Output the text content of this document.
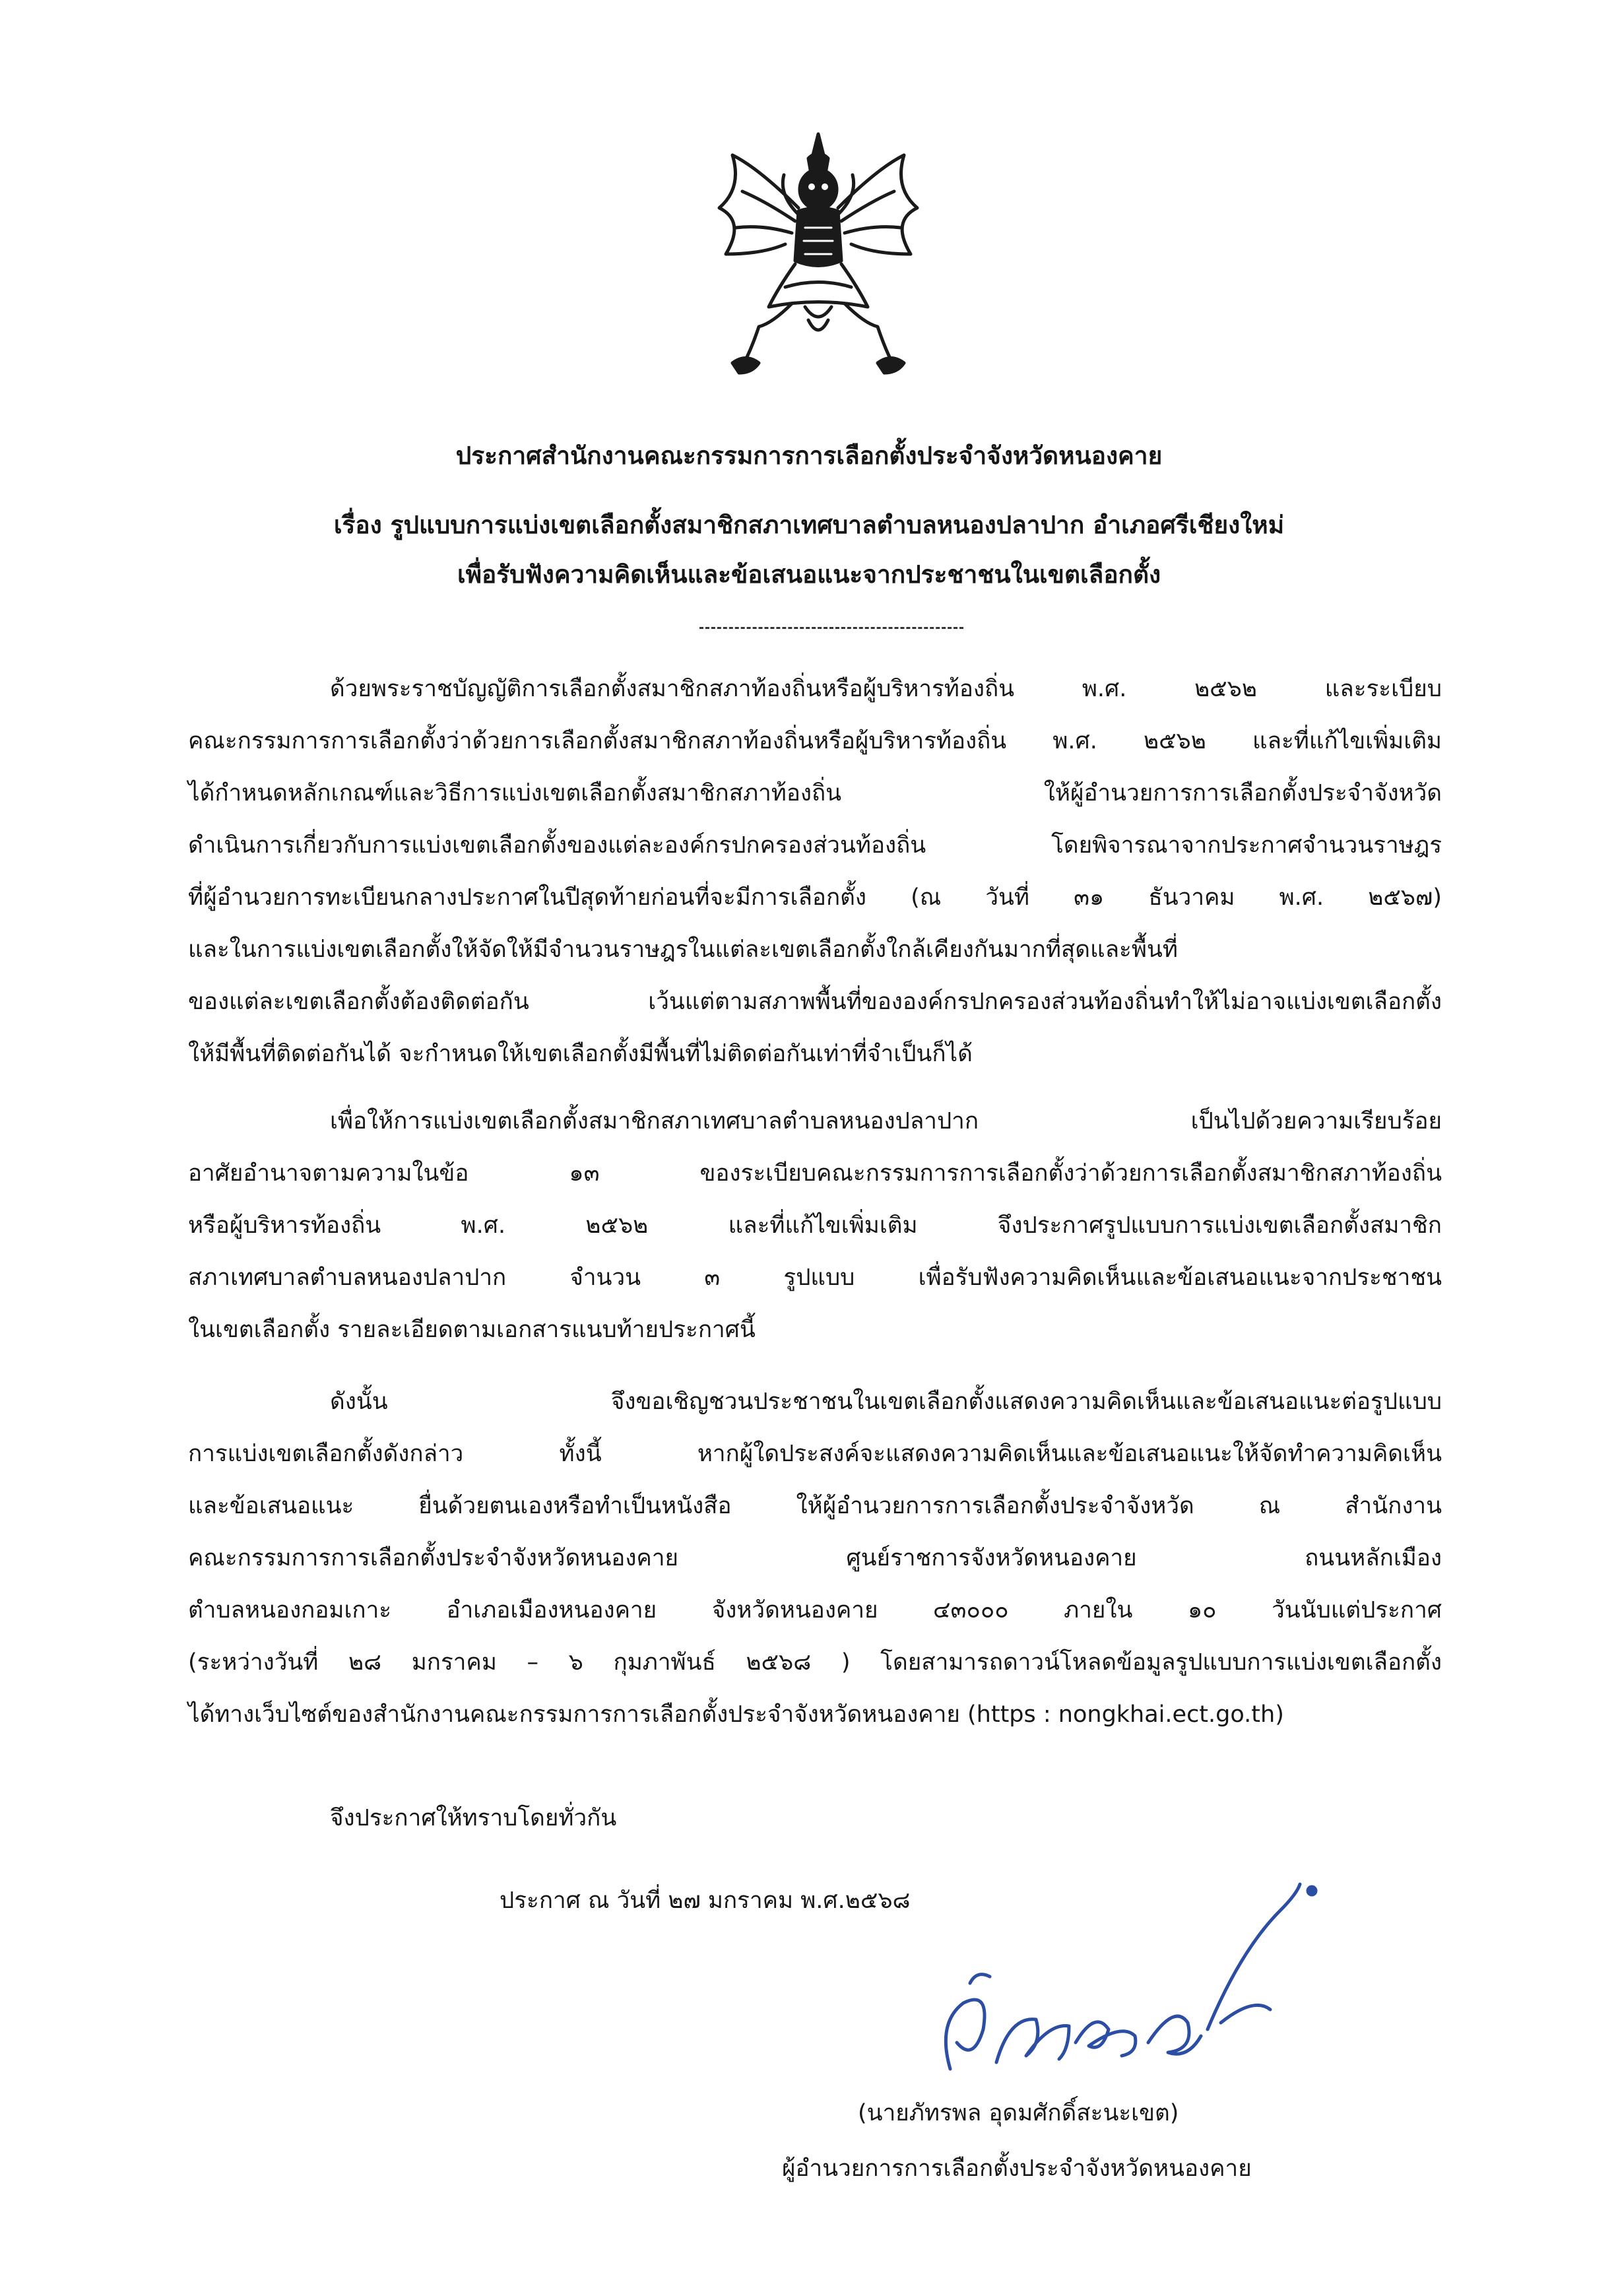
ประกาศสำนักงานคณะกรรมการการเลือกตั้งประจำจังหวัดหนองคาย
เรื่อง รูปแบบการแบ่งเขตเลือกตั้งสมาชิกสภาเทศบาลตำบลหนองปลาปาก อำเภอศรีเชียงใหม่
เพื่อรับฟังความคิดเห็นและข้อเสนอแนะจากประชาชนในเขตเลือกตั้ง
ด้วยพระราชบัญญัติการเลือกตั้งสมาชิกสภาท้องถิ่นหรือผู้บริหารท้องถิ่น พ.ศ. ๒๕๖๒ และระเบียบ
คณะกรรมการการเลือกตั้งว่าด้วยการเลือกตั้งสมาชิกสภาท้องถิ่นหรือผู้บริหารท้องถิ่น พ.ศ. ๒๕๖๒ และที่แก้ไขเพิ่มเติม
ได้กำหนดหลักเกณฑ์และวิธีการแบ่งเขตเลือกตั้งสมาชิกสภาท้องถิ่น ให้ผู้อำนวยการการเลือกตั้งประจำจังหวัด
ดำเนินการเกี่ยวกับการแบ่งเขตเลือกตั้งของแต่ละองค์กรปกครองส่วนท้องถิ่น โดยพิจารณาจากประกาศจำนวนราษฎร
ที่ผู้อำนวยการทะเบียนกลางประกาศในปีสุดท้ายก่อนที่จะมีการเลือกตั้ง (ณ วันที่ ๓๑ ธันวาคม พ.ศ. ๒๕๖๗)
และในการแบ่งเขตเลือกตั้งให้จัดให้มีจำนวนราษฎรในแต่ละเขตเลือกตั้งใกล้เคียงกันมากที่สุดและพื้นที่
ของแต่ละเขตเลือกตั้งต้องติดต่อกัน เว้นแต่ตามสภาพพื้นที่ขององค์กรปกครองส่วนท้องถิ่นทำให้ไม่อาจแบ่งเขตเลือกตั้ง
ให้มีพื้นที่ติดต่อกันได้ จะกำหนดให้เขตเลือกตั้งมีพื้นที่ไม่ติดต่อกันเท่าที่จำเป็นก็ได้
เพื่อให้การแบ่งเขตเลือกตั้งสมาชิกสภาเทศบาลตำบลหนองปลาปาก เป็นไปด้วยความเรียบร้อย
อาศัยอำนาจตามความในข้อ ๑๓ ของระเบียบคณะกรรมการการเลือกตั้งว่าด้วยการเลือกตั้งสมาชิกสภาท้องถิ่น
หรือผู้บริหารท้องถิ่น พ.ศ. ๒๕๖๒ และที่แก้ไขเพิ่มเติม จึงประกาศรูปแบบการแบ่งเขตเลือกตั้งสมาชิก
สภาเทศบาลตำบลหนองปลาปาก จำนวน ๓ รูปแบบ เพื่อรับฟังความคิดเห็นและข้อเสนอแนะจากประชาชน
ในเขตเลือกตั้ง รายละเอียดตามเอกสารแนบท้ายประกาศนี้
ดังนั้น จึงขอเชิญชวนประชาชนในเขตเลือกตั้งแสดงความคิดเห็นและข้อเสนอแนะต่อรูปแบบ
การแบ่งเขตเลือกตั้งดังกล่าว ทั้งนี้ หากผู้ใดประสงค์จะแสดงความคิดเห็นและข้อเสนอแนะให้จัดทำความคิดเห็น
และข้อเสนอแนะ ยื่นด้วยตนเองหรือทำเป็นหนังสือ ให้ผู้อำนวยการการเลือกตั้งประจำจังหวัด ณ สำนักงาน
คณะกรรมการการเลือกตั้งประจำจังหวัดหนองคาย ศูนย์ราชการจังหวัดหนองคาย ถนนหลักเมือง
ตำบลหนองกอมเกาะ อำเภอเมืองหนองคาย จังหวัดหนองคาย ๔๓๐๐๐ ภายใน ๑๐ วันนับแต่ประกาศ
(ระหว่างวันที่ ๒๘ มกราคม – ๖ กุมภาพันธ์ ๒๕๖๘ ) โดยสามารถดาวน์โหลดข้อมูลรูปแบบการแบ่งเขตเลือกตั้ง
ได้ทางเว็บไซต์ของสำนักงานคณะกรรมการการเลือกตั้งประจำจังหวัดหนองคาย (https : nongkhai.ect.go.th)
จึงประกาศให้ทราบโดยทั่วกัน
ประกาศ ณ วันที่ ๒๗ มกราคม พ.ศ.๒๕๖๘
(นายภัทรพล อุดมศักดิ์สะนะเขต)
ผู้อำนวยการการเลือกตั้งประจำจังหวัดหนองคาย
